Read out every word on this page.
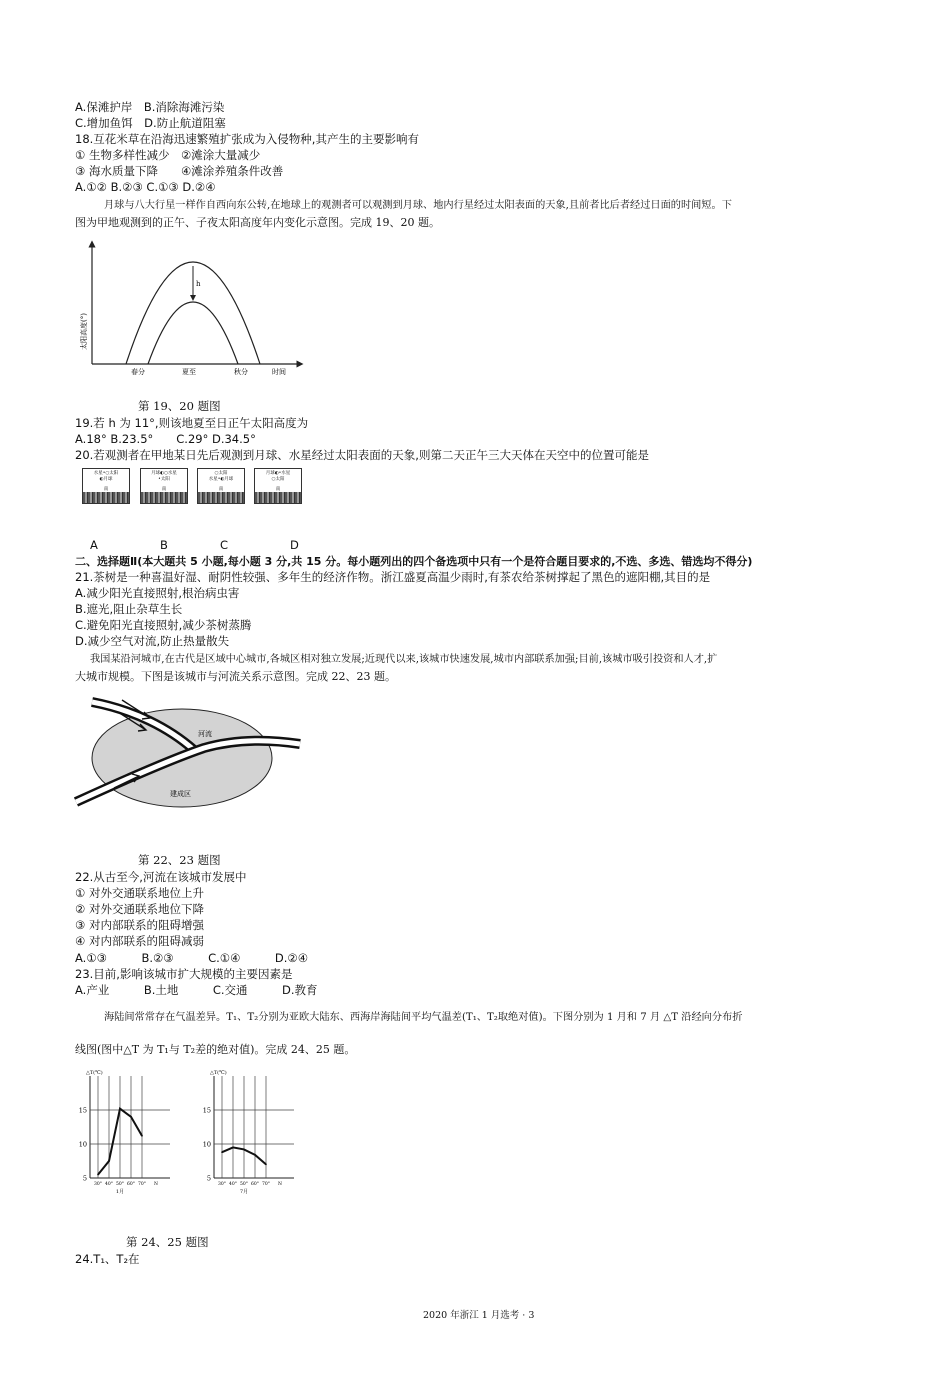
A.保滩护岸　B.消除海滩污染
C.增加鱼饵　D.防止航道阻塞
18.互花米草在沿海迅速繁殖扩张成为入侵物种,其产生的主要影响有
① 生物多样性减少　②滩涂大量减少
③ 海水质量下降　　④滩涂养殖条件改善
A.①② B.②③ C.①③ D.②④
月球与八大行星一样作自西向东公转,在地球上的观测者可以观测到月球、地内行星经过太阳表面的天象,且前者比后者经过日面的时间短。下
图为甲地观测到的正午、子夜太阳高度年内变化示意图。完成 19、20 题。
h
太阳高度(°)
春分	夏至	秋分	时间
第 19、20 题图
19.若 h 为 11°,则该地夏至日正午太阳高度为
A.18° B.23.5°　　C.29° D.34.5°
20.若观测者在甲地某日先后观测到月球、水星经过太阳表面的天象,则第二天正午三大天体在天空中的位置可能是
水星•○太阳
◐月球
南
月球◐○水星
•太阳
南
○太阳
水星•◐月球
南
月球◐•水星
○太阳
南
A	B	C	D
二、选择题Ⅱ(本大题共 5 小题,每小题 3 分,共 15 分。每小题列出的四个备选项中只有一个是符合题目要求的,不选、多选、错选均不得分)
21.茶树是一种喜温好湿、耐阴性较强、多年生的经济作物。浙江盛夏高温少雨时,有茶农给茶树撑起了黑色的遮阳棚,其目的是
A.减少阳光直接照射,根治病虫害
B.遮光,阻止杂草生长
C.避免阳光直接照射,减少茶树蒸腾
D.减少空气对流,防止热量散失
我国某沿河城市,在古代是区域中心城市,各城区相对独立发展;近现代以来,该城市快速发展,城市内部联系加强;目前,该城市吸引投资和人才,扩
大城市规模。下图是该城市与河流关系示意图。完成 22、23 题。
河流
建成区
第 22、23 题图
22.从古至今,河流在该城市发展中
① 对外交通联系地位上升
② 对外交通联系地位下降
③ 对内部联系的阻碍增强
④ 对内部联系的阻碍减弱
A.①③　　　B.②③　　　C.①④　　　D.②④
23.目前,影响该城市扩大规模的主要因素是
A.产业　　　B.土地　　　C.交通　　　D.教育
海陆间常常存在气温差异。T₁、T₂分别为亚欧大陆东、西海岸海陆间平均气温差(T₁、T₂取绝对值)。下图分别为 1 月和 7 月 △T 沿经向分布折
线图(图中△T 为 T₁与 T₂差的绝对值)。完成 24、25 题。
5
10
15
30° 40° 50° 60° 70° N
△T(℃)
1月
5
10
15
30° 40° 50° 60° 70° N
△T(℃)
7月
第 24、25 题图
24.T₁、T₂在
2020 年浙江 1 月选考 · 3
